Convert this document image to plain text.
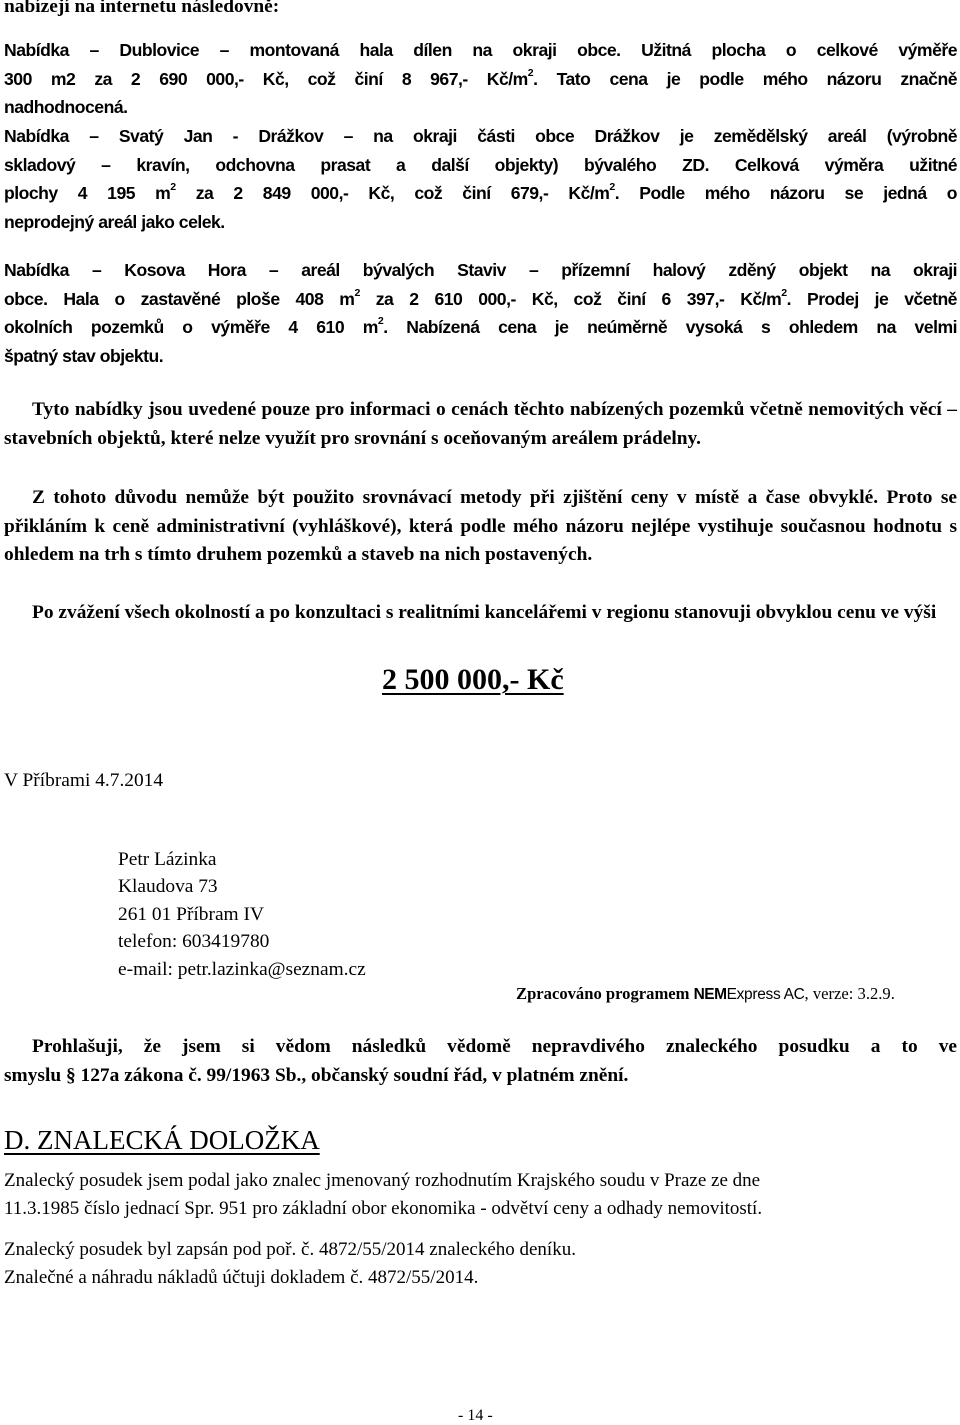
nabízejí na internetu následovně:

Nabídka – Dublovice – montovaná hala dílen na okraji obce. Užitná plocha o celkové výměře
300 m2 za 2 690 000,- Kč, což činí 8 967,- $Kč/m^2$. Tato cena je podle mého názoru značně
nadhodnocená.
Nabídka – Svatý Jan - Drážkov – na okraji části obce Drážkov je zemědělský areál (výrobně
skladový – kravín, odchovna prasat a další objekty) bývalého ZD. Celková výměra užitné
plochy 4 195 $m^2$ za 2 849 000,- Kč, což činí 679,- $Kč/m^2$. Podle mého názoru se jedná o
neprodejný areál jako celek.
Nabídka – Kosova Hora – areál bývalých Staviv – přízemní halový zděný objekt na okraji
obce. Hala o zastavěné ploše 408 $m^2$ za 2 610 000,- Kč, což činí 6 397,- $Kč/m^2$. Prodej je včetně
okolních pozemků o výměře 4 610 $m^2$. Nabízená cena je neúměrně vysoká s ohledem na velmi
špatný stav objektu.

Tyto nabídky jsou uvedené pouze pro informaci o cenách těchto nabízených pozemků včetně nemovitých věcí – stavebních objektů, které nelze využít pro srovnání s oceňovaným areálem prádelny.

Z tohoto důvodu nemůže být použito srovnávací metody při zjištění ceny v místě a čase obvyklé. Proto se přikláním k ceně administrativní (vyhláškové), která podle mého názoru nejlépe vystihuje současnou hodnotu s ohledem na trh s tímto druhem pozemků a staveb na nich postavených.

Po zvážení všech okolností a po konzultaci s realitními kancelářemi v regionu stanovuji obvyklou cenu ve výši

2 500 000,- Kč
V Příbrami 4.7.2014
Petr Lázinka
Klaudova 73
261 01 Příbram IV
telefon: 603419780
e-mail: petr.lazinka@seznam.cz
Zpracováno programem NEMExpress AC, verze: 3.2.9.
Prohlašuji, že jsem si vědom následků vědomě nepravdivého znaleckého posudku a to ve
smyslu § 127a zákona č. 99/1963 Sb., občanský soudní řád, v platném znění.
D. ZNALECKÁ DOLOŽKA
Znalecký posudek jsem podal jako znalec jmenovaný rozhodnutím Krajského soudu v Praze ze dne
11.3.1985 číslo jednací Spr. 951 pro základní obor ekonomika - odvětví ceny a odhady nemovitostí.
Znalecký posudek byl zapsán pod poř. č. 4872/55/2014 znaleckého deníku.
Znalečné a náhradu nákladů účtuji dokladem č. 4872/55/2014.
- 14 -
